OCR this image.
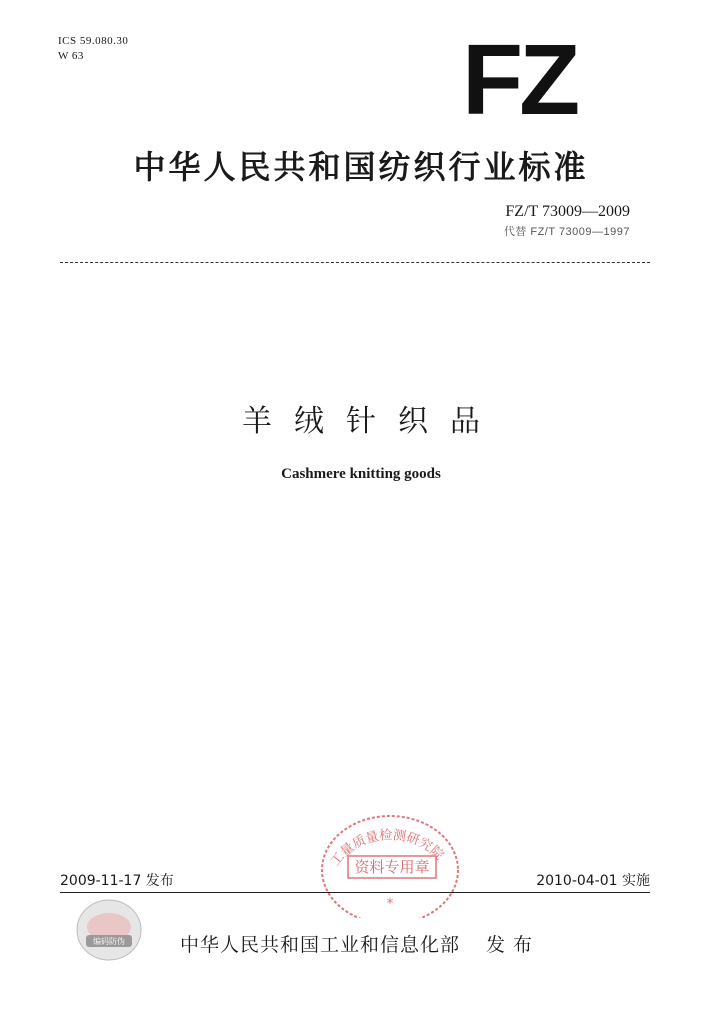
ICS 59.080.30
W 63	FZ
中华人民共和国纺织行业标准
FZ/T 73009—2009
代替 FZ/T 73009—1997
羊绒针织品
Cashmere knitting goods
工量质量检测研究院
资料专用章
*
2009-11-17 发布	2010-04-01 实施
编码防伪	中华人民共和国工业和信息化部 发布
